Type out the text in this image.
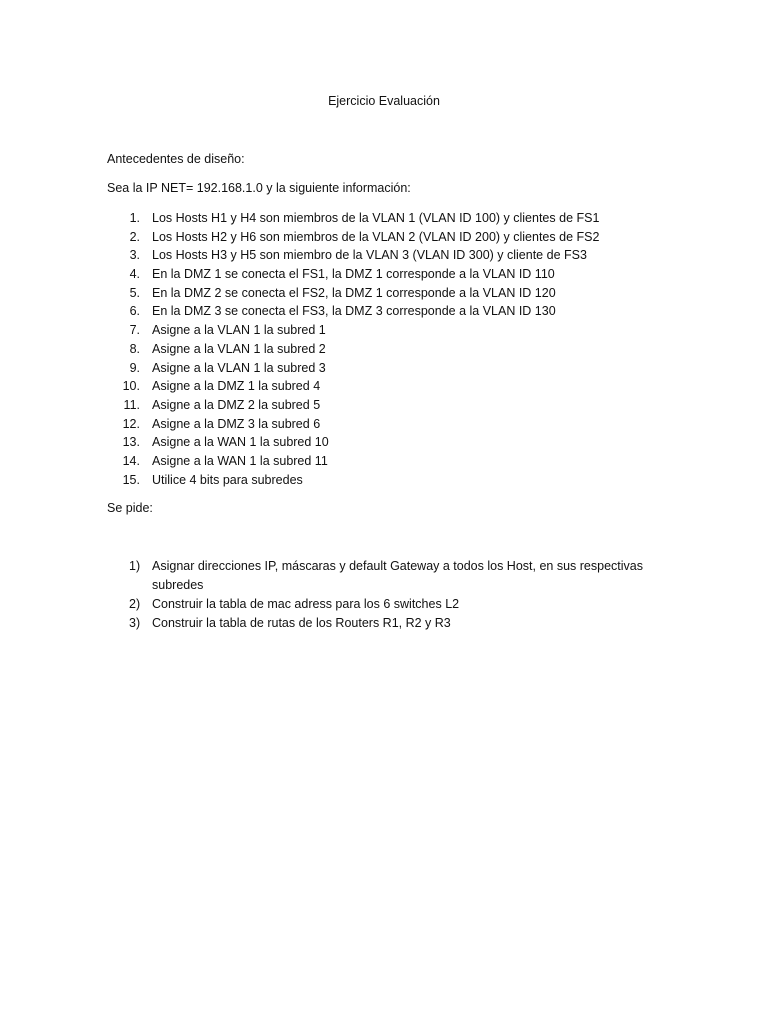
Ejercicio Evaluación
Antecedentes de diseño:
Sea la IP NET= 192.168.1.0 y la siguiente información:
1. Los Hosts H1 y H4 son miembros de la VLAN 1 (VLAN ID 100) y clientes de FS1
2. Los Hosts H2 y H6 son miembros de la VLAN 2 (VLAN ID 200) y clientes de FS2
3. Los Hosts H3 y H5 son miembro de la VLAN 3 (VLAN ID 300) y cliente de FS3
4. En la DMZ 1 se conecta el FS1, la DMZ 1 corresponde a la VLAN ID 110
5. En la DMZ 2 se conecta el FS2, la DMZ 1 corresponde a la VLAN ID 120
6. En la DMZ 3 se conecta el FS3, la DMZ 3 corresponde a la VLAN ID 130
7. Asigne a la VLAN 1 la subred 1
8. Asigne a la VLAN 1 la subred 2
9. Asigne a la VLAN 1 la subred 3
10. Asigne a la DMZ 1 la subred 4
11. Asigne a la DMZ 2 la subred 5
12. Asigne a la DMZ 3 la subred 6
13. Asigne a la WAN 1 la subred 10
14. Asigne a la WAN 1 la subred 11
15. Utilice 4 bits para subredes
Se pide:
1) Asignar direcciones IP, máscaras y default Gateway a todos los Host, en sus respectivas subredes
2) Construir la tabla de mac adress para los 6 switches L2
3) Construir la tabla de rutas de los Routers R1, R2 y R3
